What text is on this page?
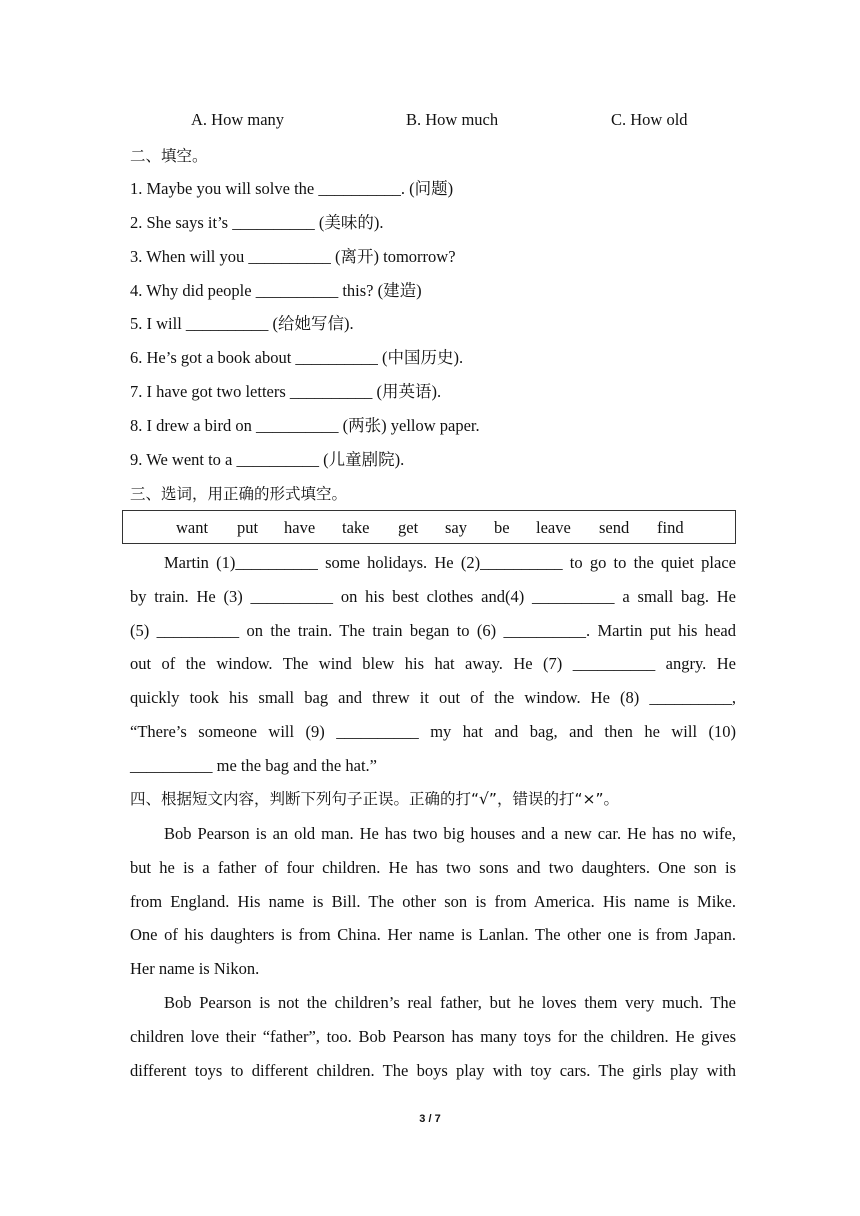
A. How many	B. How much	C. How old
二、填空。
1. Maybe you will solve the __________. (问题)
2. She says it’s __________ (美味的).
3. When will you __________ (离开) tomorrow?
4. Why did people __________ this? (建造)
5. I will __________ (给她写信).
6. He’s got a book about __________ (中国历史).
7. I have got two letters __________ (用英语).
8. I drew a bird on __________ (两张) yellow paper.
9. We went to a __________ (儿童剧院).
三、选词，用正确的形式填空。
want put have take get say be leave send find
Martin (1)__________ some holidays. He (2)__________ to go to the quiet place
by train. He (3) __________ on his best clothes and(4) __________ a small bag. He
(5) __________ on the train. The train began to (6) __________. Martin put his head
out of the window. The wind blew his hat away. He (7) __________ angry. He
quickly took his small bag and threw it out of the window. He (8) __________,
“There’s someone will (9) __________ my hat and bag, and then he will (10)
__________ me the bag and the hat.”
四、根据短文内容，判断下列句子正误。正确的打“√”，错误的打“×”。
Bob Pearson is an old man. He has two big houses and a new car. He has no wife,
but he is a father of four children. He has two sons and two daughters. One son is
from England. His name is Bill. The other son is from America. His name is Mike.
One of his daughters is from China. Her name is Lanlan. The other one is from Japan.
Her name is Nikon.
Bob Pearson is not the children’s real father, but he loves them very much. The
children love their “father”, too. Bob Pearson has many toys for the children. He gives
different toys to different children. The boys play with toy cars. The girls play with
3 / 7
